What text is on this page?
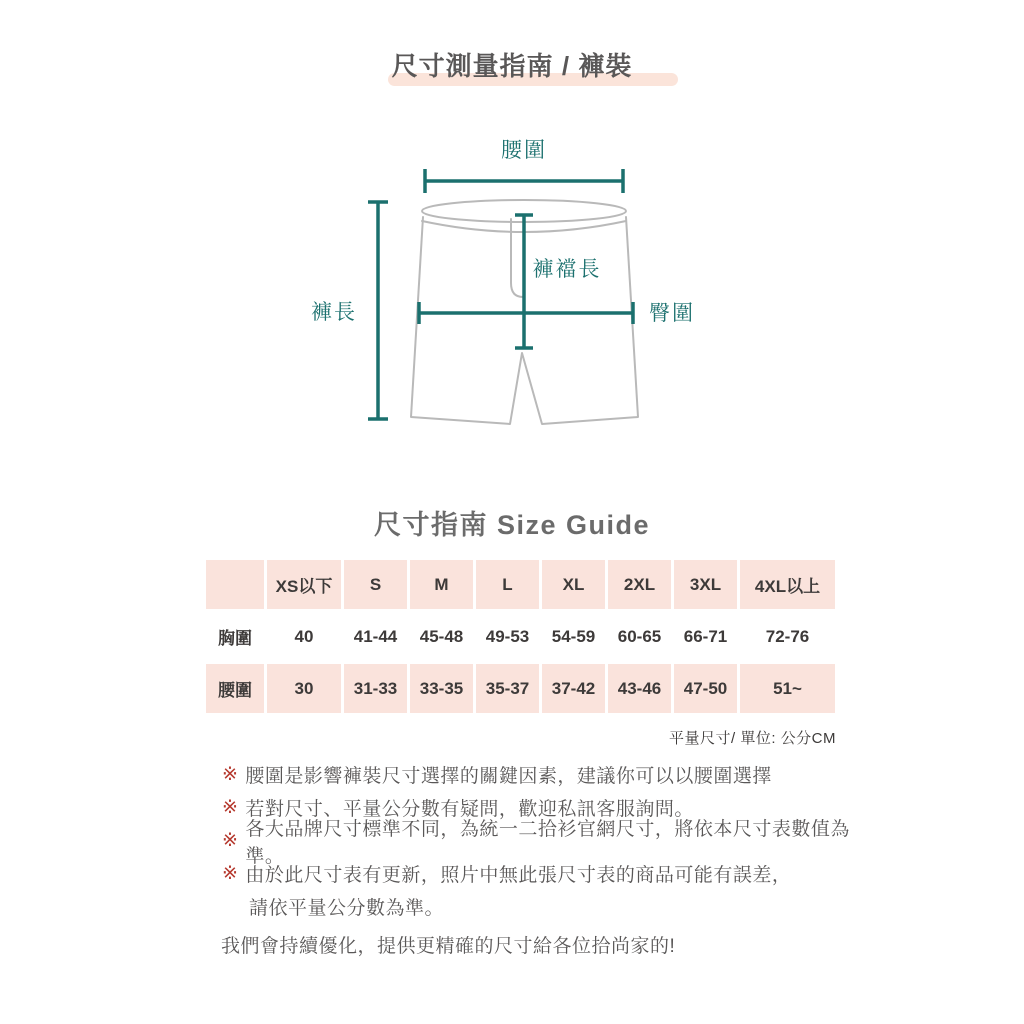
尺寸測量指南 / 褲裝
腰圍
褲長
褲襠長
臀圍
尺寸指南 Size Guide
	XS以下	S	M	L	XL	2XL	3XL	4XL以上
胸圍	40	41-44	45-48	49-53	54-59	60-65	66-71	72-76
腰圍	30	31-33	33-35	35-37	37-42	43-46	47-50	51~
平量尺寸/ 單位: 公分CM
※ 腰圍是影響褲裝尺寸選擇的關鍵因素，建議你可以以腰圍選擇
※ 若對尺寸、平量公分數有疑問，歡迎私訊客服詢問。
※
各大品牌尺寸標準不同，為統一二拾衫官網尺寸，將依本尺寸表數值為準。
※ 由於此尺寸表有更新，照片中無此張尺寸表的商品可能有誤差，
請依平量公分數為準。
我們會持續優化，提供更精確的尺寸給各位拾尚家的!
